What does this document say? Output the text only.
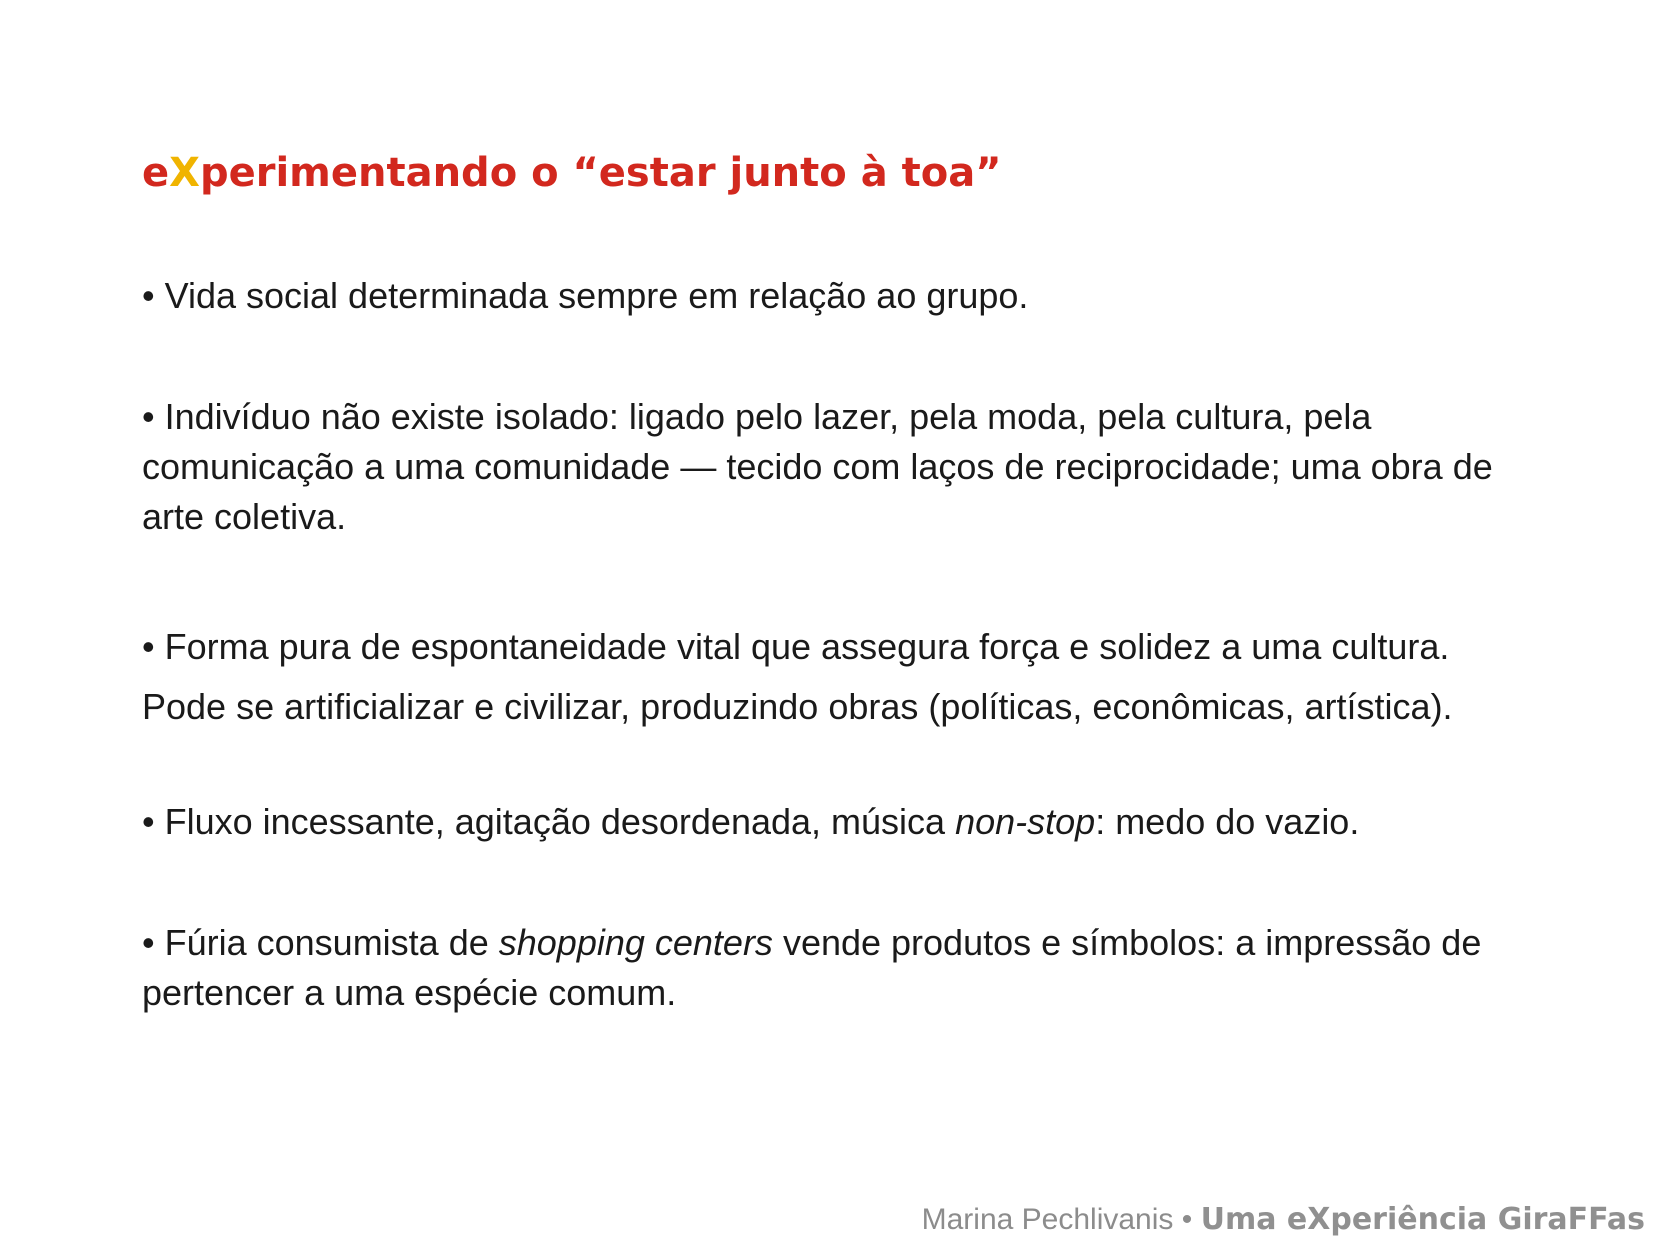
eXperimentando o “estar junto à toa”

• Vida social determinada sempre em relação ao grupo.

• Indivíduo não existe isolado: ligado pelo lazer, pela moda, pela cultura, pela comunicação a uma comunidade — tecido com laços de reciprocidade; uma obra de arte coletiva.

• Forma pura de espontaneidade vital que assegura força e solidez a uma cultura.
Pode se artificializar e civilizar, produzindo obras (políticas, econômicas, artística).

• Fluxo incessante, agitação desordenada, música non-stop: medo do vazio.

• Fúria consumista de shopping centers vende produtos e símbolos: a impressão de pertencer a uma espécie comum.

Marina Pechlivanis • Uma eXperiência GiraFFas
